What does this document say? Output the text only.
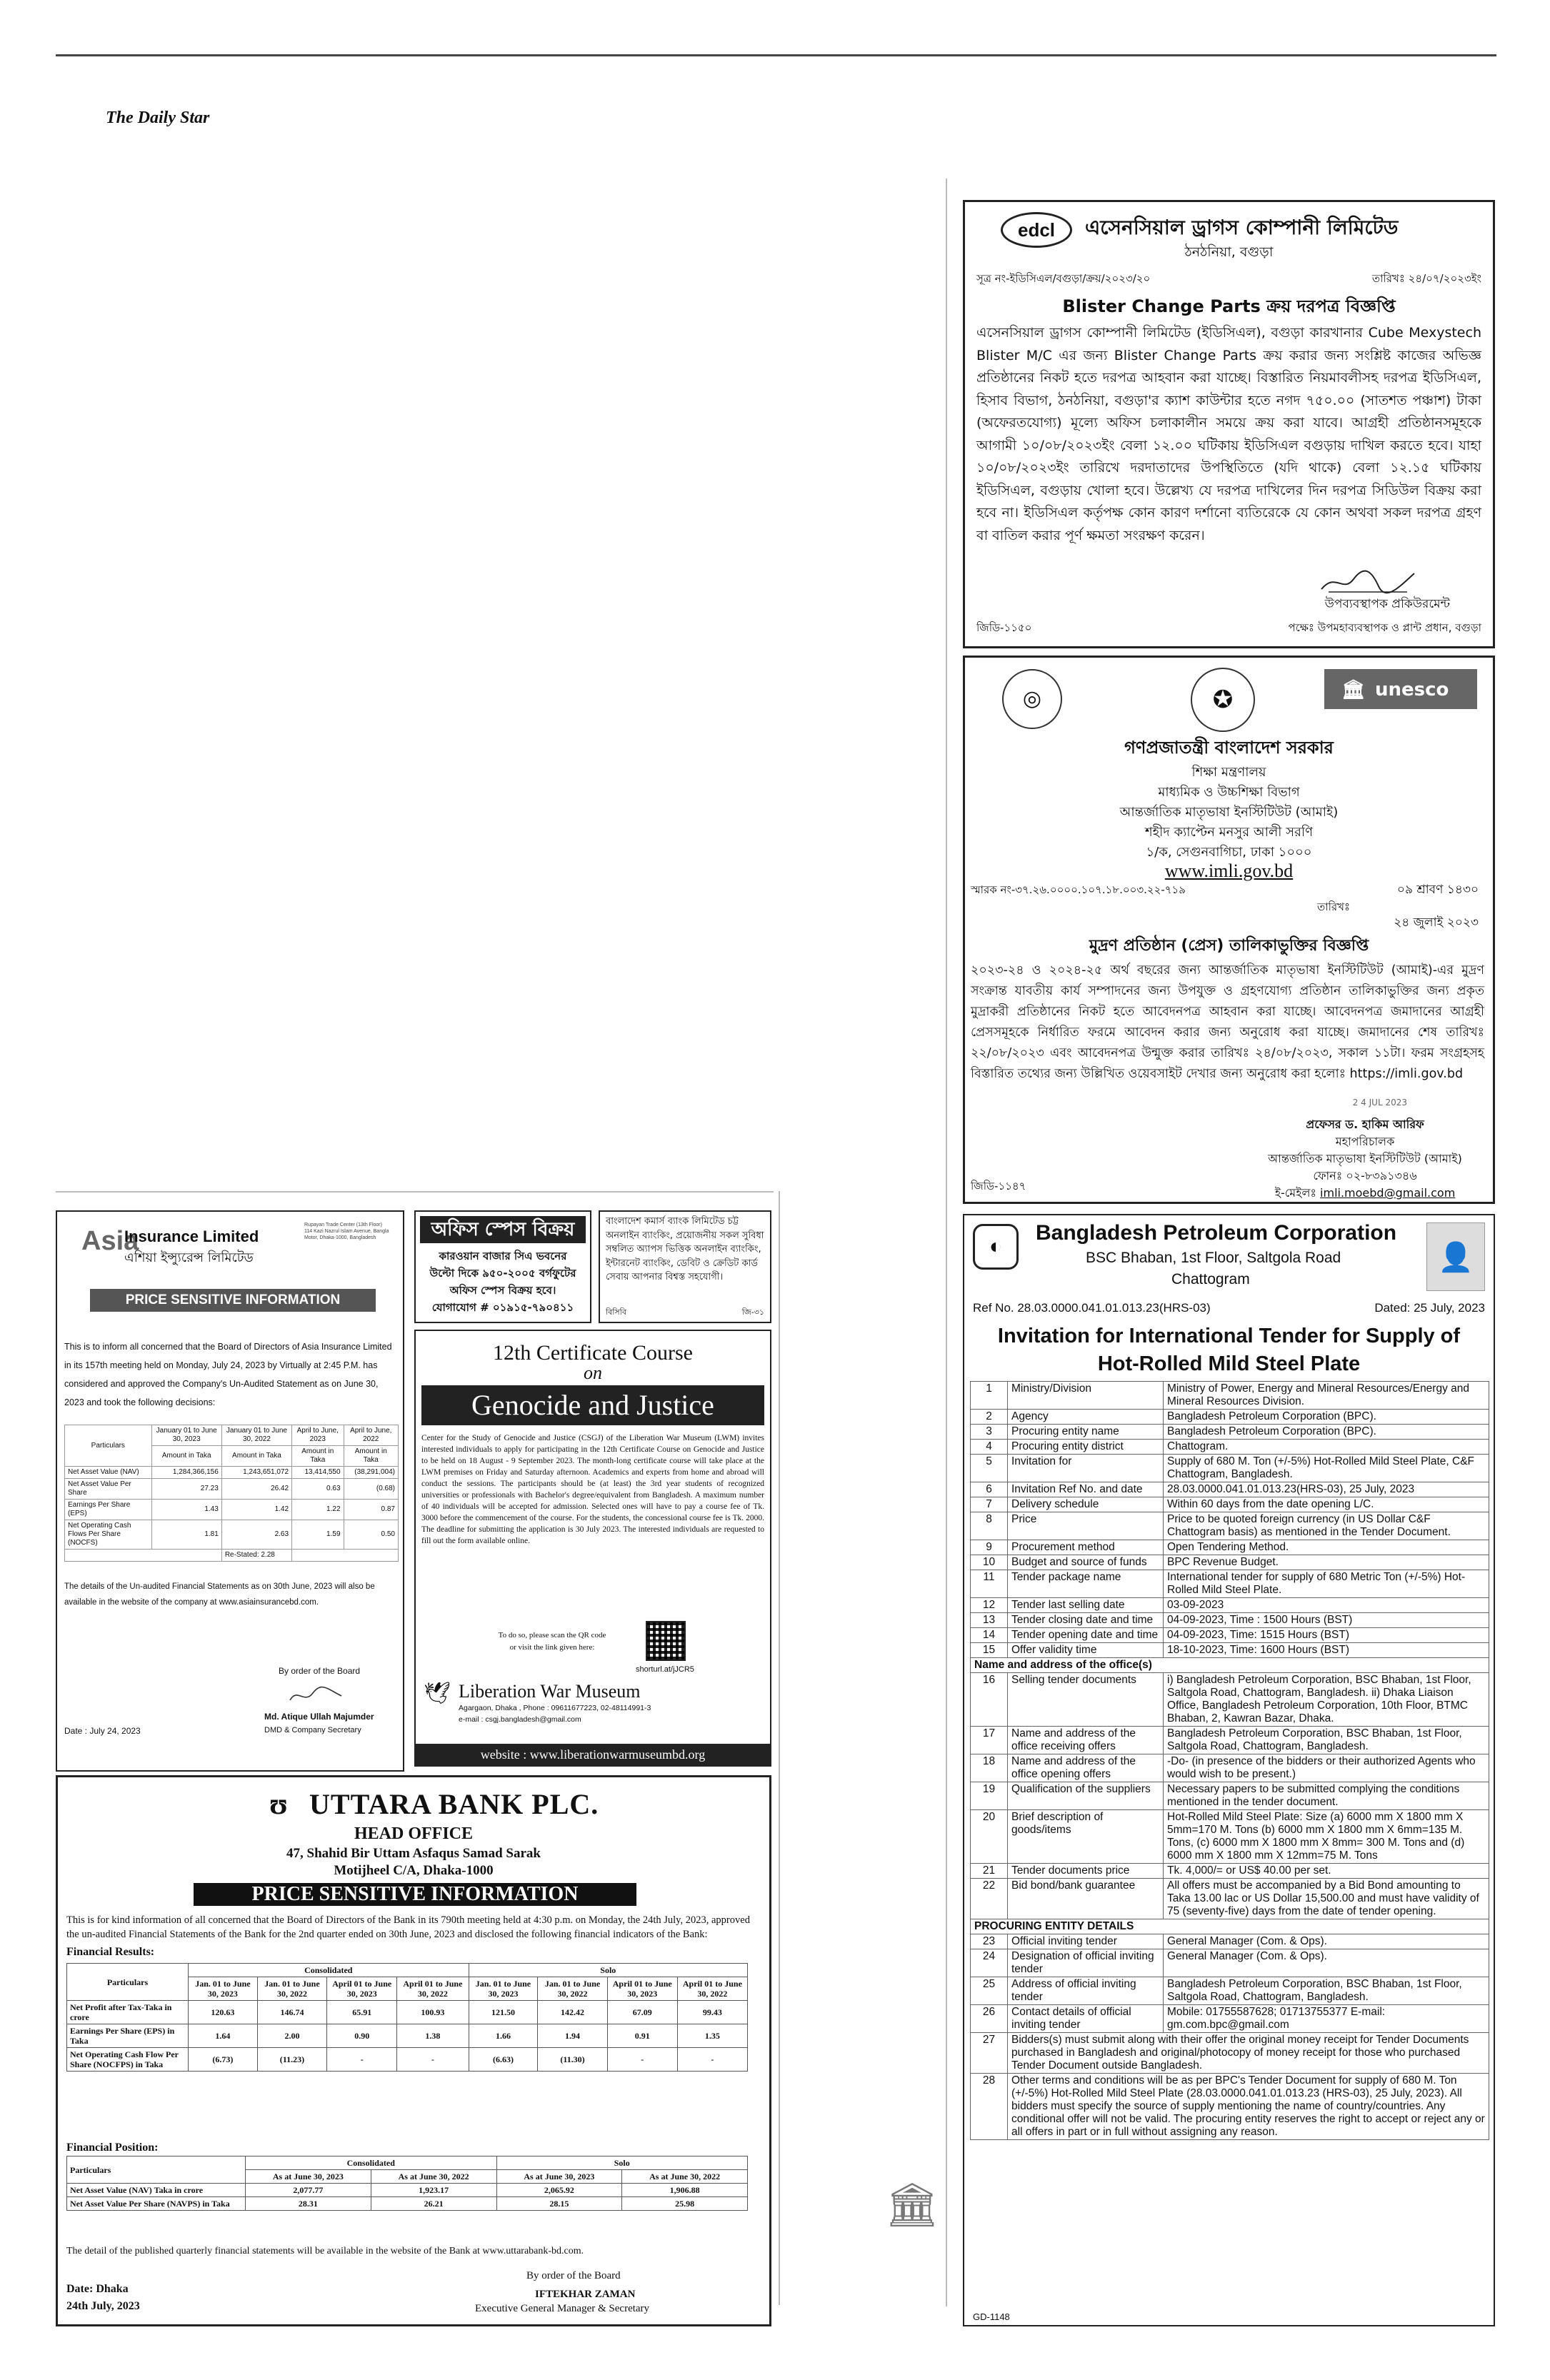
The Daily Star
edcl	এসেনসিয়াল ড্রাগস কোম্পানী লিমিটেড
ঠনঠনিয়া, বগুড়া
সূত্র নং-ইডিসিএল/বগুড়া/ক্রয়/২০২৩/২০	তারিখঃ ২৪/০৭/২০২৩ইং
Blister Change Parts ক্রয় দরপত্র বিজ্ঞপ্তি
এসেনসিয়াল ড্রাগস কোম্পানী লিমিটেড (ইডিসিএল), বগুড়া কারখানার Cube Mexystech Blister M/C এর জন্য Blister Change Parts ক্রয় করার জন্য সংশ্লিষ্ট কাজের অভিজ্ঞ প্রতিষ্ঠানের নিকট হতে দরপত্র আহবান করা যাচ্ছে। বিস্তারিত নিয়মাবলীসহ দরপত্র ইডিসিএল, হিসাব বিভাগ, ঠনঠনিয়া, বগুড়া'র ক্যাশ কাউন্টার হতে নগদ ৭৫০.০০ (সাতশত পঞ্চাশ) টাকা (অফেরতযোগ্য) মূল্যে অফিস চলাকালীন সময়ে ক্রয় করা যাবে। আগ্রহী প্রতিষ্ঠানসমূহকে আগামী ১০/০৮/২০২৩ইং বেলা ১২.০০ ঘটিকায় ইডিসিএল বগুড়ায় দাখিল করতে হবে। যাহা ১০/০৮/২০২৩ইং তারিখে দরদাতাদের উপস্থিতিতে (যদি থাকে) বেলা ১২.১৫ ঘটিকায় ইডিসিএল, বগুড়ায় খোলা হবে। উল্লেখ্য যে দরপত্র দাখিলের দিন দরপত্র সিডিউল বিক্রয় করা হবে না। ইডিসিএল কর্তৃপক্ষ কোন কারণ দর্শানো ব্যতিরেকে যে কোন অথবা সকল দরপত্র গ্রহণ বা বাতিল করার পূর্ণ ক্ষমতা সংরক্ষণ করেন।
উপব্যবস্থাপক প্রকিউরমেন্ট
জিডি-১১৫০	পক্ষেঃ উপমহাব্যবস্থাপক ও প্লান্ট প্রধান, বগুড়া
◎	✪	🏛 unesco
গণপ্রজাতন্ত্রী বাংলাদেশ সরকার
শিক্ষা মন্ত্রণালয়
মাধ্যমিক ও উচ্চশিক্ষা বিভাগ
আন্তর্জাতিক মাতৃভাষা ইনস্টিটিউট (আমাই)
শহীদ ক্যাপ্টেন মনসুর আলী সরণি
১/ক, সেগুনবাগিচা, ঢাকা ১০০০
www.imli.gov.bd
স্মারক নং-৩৭.২৬.০০০০.১০৭.১৮.০০৩.২২-৭১৯	০৯ শ্রাবণ ১৪৩০
তারিখঃ
২৪ জুলাই ২০২৩
মুদ্রণ প্রতিষ্ঠান (প্রেস) তালিকাভুক্তির বিজ্ঞপ্তি
২০২৩-২৪ ও ২০২৪-২৫ অর্থ বছরের জন্য আন্তর্জাতিক মাতৃভাষা ইনস্টিটিউট (আমাই)-এর মুদ্রণ সংক্রান্ত যাবতীয় কার্য সম্পাদনের জন্য উপযুক্ত ও গ্রহণযোগ্য প্রতিষ্ঠান তালিকাভুক্তির জন্য প্রকৃত মুদ্রাকরী প্রতিষ্ঠানের নিকট হতে আবেদনপত্র আহবান করা যাচ্ছে। আবেদনপত্র জমাদানের আগ্রহী প্রেসসমূহকে নির্ধারিত ফরমে আবেদন করার জন্য অনুরোধ করা যাচ্ছে। জমাদানের শেষ তারিখঃ ২২/০৮/২০২৩ এবং আবেদনপত্র উন্মুক্ত করার তারিখঃ ২৪/০৮/২০২৩, সকাল ১১টা। ফরম সংগ্রহসহ বিস্তারিত তথ্যের জন্য উল্লিখিত ওয়েবসাইট দেখার জন্য অনুরোধ করা হলোঃ https://imli.gov.bd
2 4 JUL 2023
প্রফেসর ড. হাকিম আরিফ
মহাপরিচালক
আন্তর্জাতিক মাতৃভাষা ইনস্টিটিউট (আমাই)
ফোনঃ ০২-৮৩৯১৩৪৬
ই-মেইলঃ imli.moebd@gmail.com
জিডি-১১৪৭
◐
Bangladesh Petroleum Corporation
BSC Bhaban, 1st Floor, Saltgola Road
Chattogram
👤
Ref No. 28.03.0000.041.01.013.23(HRS-03)	Dated: 25 July, 2023
Invitation for International Tender for Supply of
Hot-Rolled Mild Steel Plate
1	Ministry/Division	Ministry of Power, Energy and Mineral Resources/Energy and Mineral Resources Division.
2	Agency	Bangladesh Petroleum Corporation (BPC).
3	Procuring entity name	Bangladesh Petroleum Corporation (BPC).
4	Procuring entity district	Chattogram.
5	Invitation for	Supply of 680 M. Ton (+/-5%) Hot-Rolled Mild Steel Plate, C&F Chattogram, Bangladesh.
6	Invitation Ref No. and date	28.03.0000.041.01.013.23(HRS-03), 25 July, 2023
7	Delivery schedule	Within 60 days from the date opening L/C.
8	Price	Price to be quoted foreign currency (in US Dollar C&F Chattogram basis) as mentioned in the Tender Document.
9	Procurement method	Open Tendering Method.
10	Budget and source of funds	BPC Revenue Budget.
11	Tender package name	International tender for supply of 680 Metric Ton (+/-5%) Hot-Rolled Mild Steel Plate.
12	Tender last selling date	03-09-2023
13	Tender closing date and time	04-09-2023, Time : 1500 Hours (BST)
14	Tender opening date and time	04-09-2023, Time: 1515 Hours (BST)
15	Offer validity time	18-10-2023, Time: 1600 Hours (BST)
Name and address of the office(s)		
16	Selling tender documents	i) Bangladesh Petroleum Corporation, BSC Bhaban, 1st Floor, Saltgola Road, Chattogram, Bangladesh. ii) Dhaka Liaison Office, Bangladesh Petroleum Corporation, 10th Floor, BTMC Bhaban, 2, Kawran Bazar, Dhaka.
17	Name and address of the office receiving offers	Bangladesh Petroleum Corporation, BSC Bhaban, 1st Floor, Saltgola Road, Chattogram, Bangladesh.
18	Name and address of the office opening offers	-Do- (in presence of the bidders or their authorized Agents who would wish to be present.)
19	Qualification of the suppliers	Necessary papers to be submitted complying the conditions mentioned in the tender document.
20	Brief description of goods/items	Hot-Rolled Mild Steel Plate: Size (a) 6000 mm X 1800 mm X 5mm=170 M. Tons (b) 6000 mm X 1800 mm X 6mm=135 M. Tons, (c) 6000 mm X 1800 mm X 8mm= 300 M. Tons and (d) 6000 mm X 1800 mm X 12mm=75 M. Tons
21	Tender documents price	Tk. 4,000/= or US$ 40.00 per set.
22	Bid bond/bank guarantee	All offers must be accompanied by a Bid Bond amounting to Taka 13.00 lac or US Dollar 15,500.00 and must have validity of 75 (seventy-five) days from the date of tender opening.
PROCURING ENTITY DETAILS		
23	Official inviting tender	General Manager (Com. & Ops).
24	Designation of official inviting tender	General Manager (Com. & Ops).
25	Address of official inviting tender	Bangladesh Petroleum Corporation, BSC Bhaban, 1st Floor, Saltgola Road, Chattogram, Bangladesh.
26	Contact details of official inviting tender	Mobile: 01755587628; 01713755377 E-mail: gm.com.bpc@gmail.com
27	Bidders(s) must submit along with their offer the original money receipt for Tender Documents purchased in Bangladesh and original/photocopy of money receipt for those who purchased Tender Document outside Bangladesh.	
28	Other terms and conditions will be as per BPC's Tender Document for supply of 680 M. Ton (+/-5%) Hot-Rolled Mild Steel Plate (28.03.0000.041.01.013.23 (HRS-03), 25 July, 2023). All bidders must specify the source of supply mentioning the name of country/countries. Any conditional offer will not be valid. The procuring entity reserves the right to accept or reject any or all offers in part or in full without assigning any reason.	
GD-1148
Asia
Insurance Limited
এশিয়া ইন্স্যুরেন্স লিমিটেড
Rupayan Trade Center (13th Floor) 114 Kazi Nazrul Islam Avenue, Bangla Motor, Dhaka-1000, Bangladesh
PRICE SENSITIVE INFORMATION
This is to inform all concerned that the Board of Directors of Asia Insurance Limited in its 157th meeting held on Monday, July 24, 2023 by Virtually at 2:45 P.M. has considered and approved the Company's Un-Audited Statement as on June 30, 2023 and took the following decisions:
Particulars	January 01 to June 30, 2023	January 01 to June 30, 2022	April to June, 2023	April to June, 2022
	Amount in Taka	Amount in Taka	Amount in Taka	Amount in Taka
Net Asset Value (NAV)	1,284,366,156	1,243,651,072	13,414,550	(38,291,004)
Net Asset Value Per Share	27.23	26.42	0.63	(0.68)
Earnings Per Share (EPS)	1.43	1.42	1.22	0.87
Net Operating Cash Flows Per Share (NOCFS)	1.81	2.63	1.59	0.50
		Re-Stated: 2.28		
The details of the Un-audited Financial Statements as on 30th June, 2023 will also be available in the website of the company at www.asiainsurancebd.com.
By order of the Board
Md. Atique Ullah Majumder
DMD & Company Secretary
Date : July 24, 2023
অফিস স্পেস বিক্রয়
কারওয়ান বাজার সিএ ভবনের
উল্টো দিকে ৯৫০-২০০৫ বর্গফুটের
অফিস স্পেস বিক্রয় হবে।
যোগাযোগ # ০১৯১৫-৭৯০৪১১
বাংলাদেশ কমার্স ব্যাংক লিমিটেড চট্ট অনলাইন ব্যাংকিং, প্রয়োজনীয় সকল সুবিধা সম্বলিত অ্যাপস ভিত্তিক অনলাইন ব্যাংকিং, ইন্টারনেট ব্যাংকিং, ডেবিট ও ক্রেডিট কার্ড সেবায় আপনার বিশ্বস্ত সহযোগী।
বিসিবি	জি-৩১
12th Certificate Course
on
Genocide and Justice
Center for the Study of Genocide and Justice (CSGJ) of the Liberation War Museum (LWM) invites interested individuals to apply for participating in the 12th Certificate Course on Genocide and Justice to be held on 18 August - 9 September 2023. The month-long certificate course will take place at the LWM premises on Friday and Saturday afternoon. Academics and experts from home and abroad will conduct the sessions. The participants should be (at least) the 3rd year students of recognized universities or professionals with Bachelor's degree/equivalent from Bangladesh. A maximum number of 40 individuals will be accepted for admission. Selected ones will have to pay a course fee of Tk. 3000 before the commencement of the course. For the students, the concessional course fee is Tk. 2000. The deadline for submitting the application is 30 July 2023. The interested individuals are requested to fill out the form available online.
To do so, please scan the QR code
or visit the link given here:
shorturl.at/jJCR5
🕊 Liberation War Museum
Agargaon, Dhaka , Phone : 09611677223, 02-48114991-3
e-mail : csgj.bangladesh@gmail.com
website : www.liberationwarmuseumbd.org
ʊ UTTARA BANK PLC.
HEAD OFFICE
47, Shahid Bir Uttam Asfaqus Samad Sarak
Motijheel C/A, Dhaka-1000
PRICE SENSITIVE INFORMATION
This is for kind information of all concerned that the Board of Directors of the Bank in its 790th meeting held at 4:30 p.m. on Monday, the 24th July, 2023, approved the un-audited Financial Statements of the Bank for the 2nd quarter ended on 30th June, 2023 and disclosed the following financial indicators of the Bank:
Financial Results:
Particulars	Consolidated				Solo			
	Jan. 01 to June 30, 2023	Jan. 01 to June 30, 2022	April 01 to June 30, 2023	April 01 to June 30, 2022	Jan. 01 to June 30, 2023	Jan. 01 to June 30, 2022	April 01 to June 30, 2023	April 01 to June 30, 2022
Net Profit after Tax-Taka in crore	120.63	146.74	65.91	100.93	121.50	142.42	67.09	99.43
Earnings Per Share (EPS) in Taka	1.64	2.00	0.90	1.38	1.66	1.94	0.91	1.35
Net Operating Cash Flow Per Share (NOCFPS) in Taka	(6.73)	(11.23)	-	-	(6.63)	(11.30)	-	-
Financial Position:
Particulars	Consolidated		Solo	
	As at June 30, 2023	As at June 30, 2022	As at June 30, 2023	As at June 30, 2022
Net Asset Value (NAV) Taka in crore	2,077.77	1,923.17	2,065.92	1,906.88
Net Asset Value Per Share (NAVPS) in Taka	28.31	26.21	28.15	25.98
The detail of the published quarterly financial statements will be available in the website of the Bank at www.uttarabank-bd.com.
Date: Dhaka
24th July, 2023
By order of the Board
IFTEKHAR ZAMAN
Executive General Manager & Secretary
🏛
